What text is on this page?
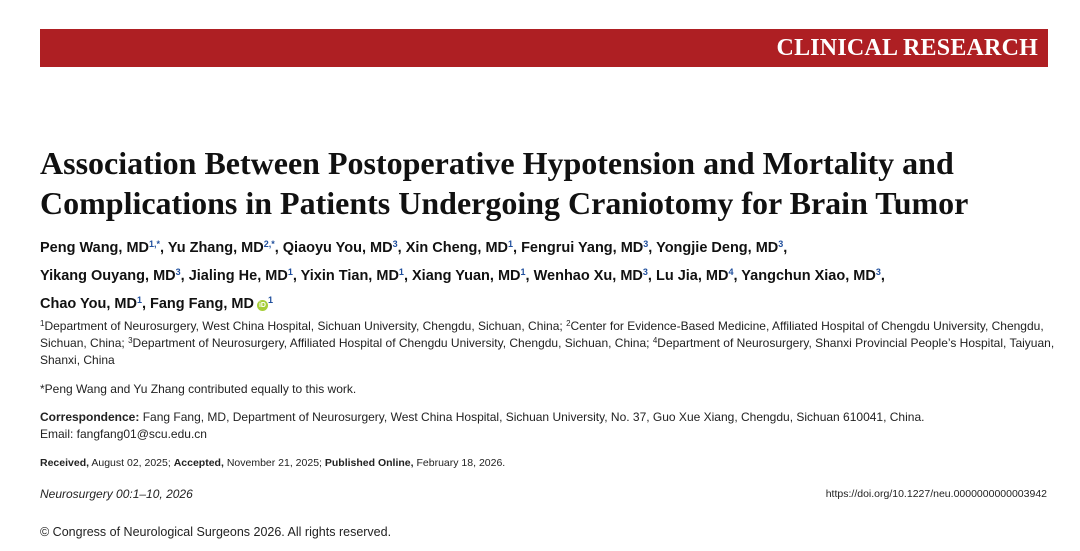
CLINICAL RESEARCH
Association Between Postoperative Hypotension and Mortality and
Complications in Patients Undergoing Craniotomy for Brain Tumor
Peng Wang, $MD^{1,*}$, Yu Zhang, $MD^{2,*}$, Qiaoyu You, $MD^3$, Xin Cheng, $MD^1$, Fengrui Yang, $MD^3$, Yongjie Deng, $MD^3$,
Yikang Ouyang, $MD^3$, Jialing He, $MD^1$, Yixin Tian, $MD^1$, Xiang Yuan, $MD^1$, Wenhao Xu, $MD^3$, Lu Jia, $MD^4$, Yangchun Xiao, $MD^3$,
Chao You, $MD^1$, Fang Fang, MD $iD^1$
$^1$Department of Neurosurgery, West China Hospital, Sichuan University, Chengdu, Sichuan, China; $^2$Center for Evidence-Based Medicine, Affiliated Hospital of Chengdu University, Chengdu, Sichuan, China; $^3$Department of Neurosurgery, Affiliated Hospital of Chengdu University, Chengdu, Sichuan, China; $^4$Department of Neurosurgery, Shanxi Provincial People’s Hospital, Taiyuan, Shanxi, China
*Peng Wang and Yu Zhang contributed equally to this work.
Correspondence: Fang Fang, MD, Department of Neurosurgery, West China Hospital, Sichuan University, No. 37, Guo Xue Xiang, Chengdu, Sichuan 610041, China.
Email: fangfang01@scu.edu.cn
Received, August 02, 2025; Accepted, November 21, 2025; Published Online, February 18, 2026.
Neurosurgery 00:1–10, 2026	https://doi.org/10.1227/neu.0000000000003942
© Congress of Neurological Surgeons 2026. All rights reserved.
